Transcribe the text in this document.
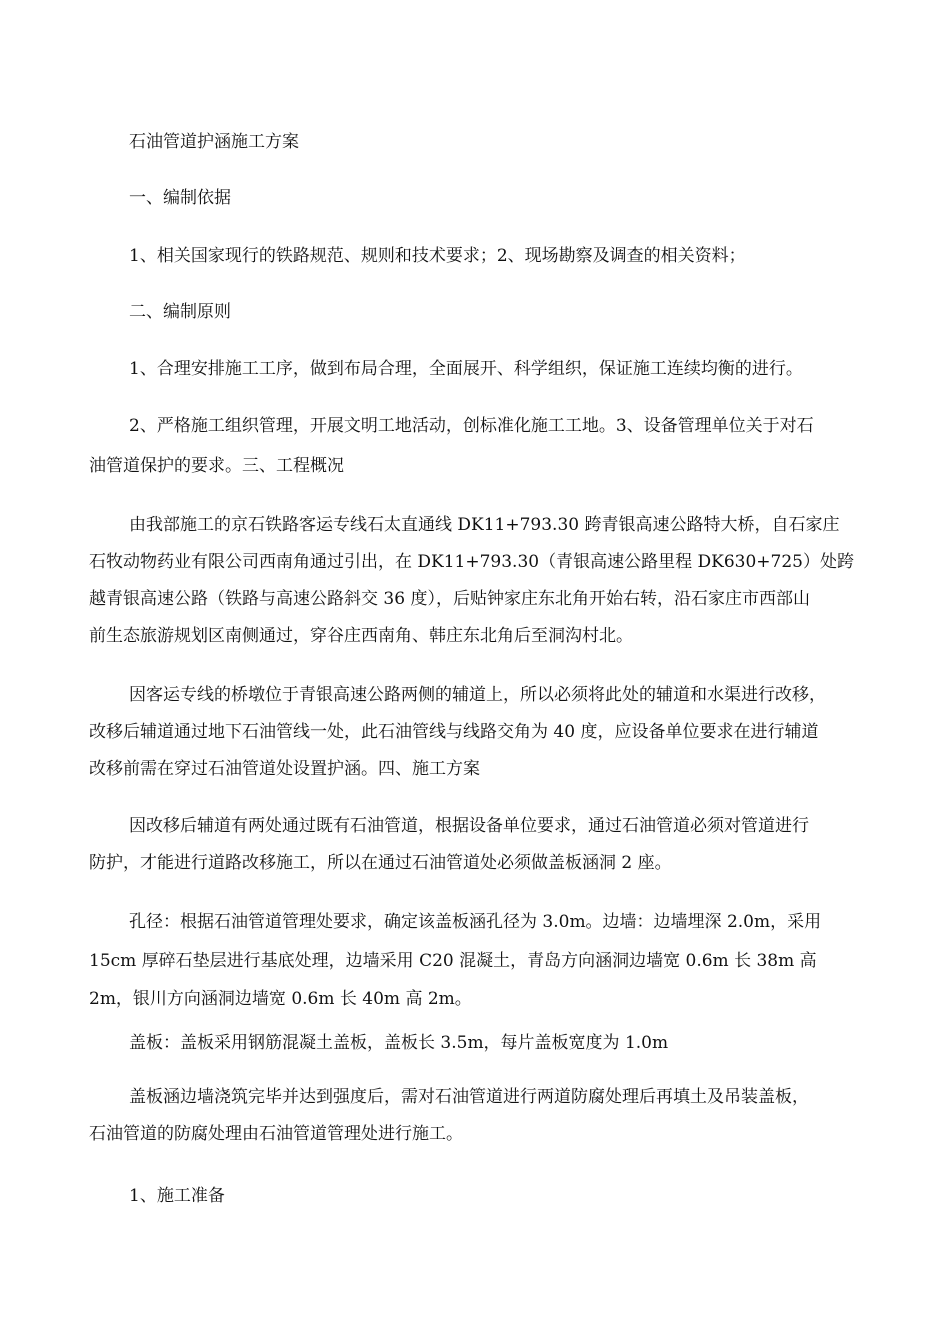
石油管道护涵施工方案
一、编制依据
1、相关国家现行的铁路规范、规则和技术要求；2、现场勘察及调查的相关资料；
二、编制原则
1、合理安排施工工序，做到布局合理，全面展开、科学组织，保证施工连续均衡的进行。
2、严格施工组织管理，开展文明工地活动，创标准化施工工地。3、设备管理单位关于对石
油管道保护的要求。三、工程概况
由我部施工的京石铁路客运专线石太直通线 DK11+793.30 跨青银高速公路特大桥，自石家庄
石牧动物药业有限公司西南角通过引出，在 DK11+793.30（青银高速公路里程 DK630+725）处跨
越青银高速公路（铁路与高速公路斜交 36 度），后贴钟家庄东北角开始右转，沿石家庄市西部山
前生态旅游规划区南侧通过，穿谷庄西南角、韩庄东北角后至洞沟村北。
因客运专线的桥墩位于青银高速公路两侧的辅道上，所以必须将此处的辅道和水渠进行改移，
改移后辅道通过地下石油管线一处，此石油管线与线路交角为 40 度，应设备单位要求在进行辅道
改移前需在穿过石油管道处设置护涵。四、施工方案
因改移后辅道有两处通过既有石油管道，根据设备单位要求，通过石油管道必须对管道进行
防护，才能进行道路改移施工，所以在通过石油管道处必须做盖板涵洞 2 座。
孔径：根据石油管道管理处要求，确定该盖板涵孔径为 3.0m。边墙：边墙埋深 2.0m，采用
15cm 厚碎石垫层进行基底处理，边墙采用 C20 混凝土，青岛方向涵洞边墙宽 0.6m 长 38m 高
2m，银川方向涵洞边墙宽 0.6m 长 40m 高 2m。
盖板：盖板采用钢筋混凝土盖板，盖板长 3.5m，每片盖板宽度为 1.0m
盖板涵边墙浇筑完毕并达到强度后，需对石油管道进行两道防腐处理后再填土及吊装盖板，
石油管道的防腐处理由石油管道管理处进行施工。
1、施工准备
